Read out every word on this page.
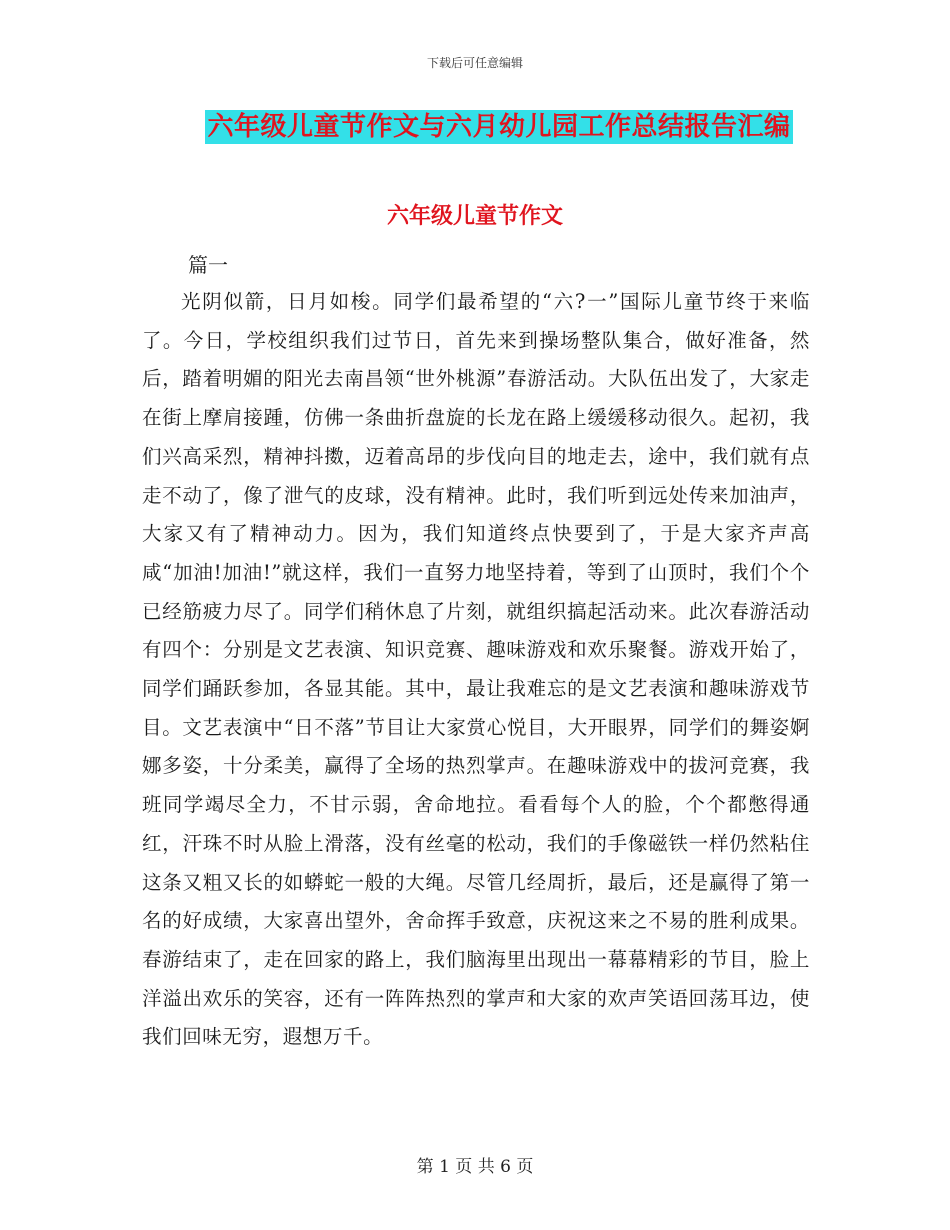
下载后可任意编辑
六年级儿童节作文与六月幼儿园工作总结报告汇编
六年级儿童节作文
篇一

光阴似箭，日月如梭。同学们最希望的“六?一”国际儿童节终于来临了。今日，学校组织我们过节日，首先来到操场整队集合，做好准备，然后，踏着明媚的阳光去南昌领“世外桃源”春游活动。大队伍出发了，大家走在街上摩肩接踵，仿佛一条曲折盘旋的长龙在路上缓缓移动很久。起初，我们兴高采烈，精神抖擞，迈着高昂的步伐向目的地走去，途中，我们就有点走不动了，像了泄气的皮球，没有精神。此时，我们听到远处传来加油声，大家又有了精神动力。因为，我们知道终点快要到了，于是大家齐声高咸“加油!加油!”就这样，我们一直努力地坚持着，等到了山顶时，我们个个已经筋疲力尽了。同学们稍休息了片刻，就组织搞起活动来。此次春游活动有四个：分别是文艺表演、知识竞赛、趣味游戏和欢乐聚餐。游戏开始了，同学们踊跃参加，各显其能。其中，最让我难忘的是文艺表演和趣味游戏节目。文艺表演中“日不落”节目让大家赏心悦目，大开眼界，同学们的舞姿婀娜多姿，十分柔美，赢得了全场的热烈掌声。在趣味游戏中的拔河竞赛，我班同学竭尽全力，不甘示弱，舍命地拉。看看每个人的脸，个个都憋得通红，汗珠不时从脸上滑落，没有丝毫的松动，我们的手像磁铁一样仍然粘住这条又粗又长的如蟒蛇一般的大绳。尽管几经周折，最后，还是赢得了第一名的好成绩，大家喜出望外，舍命挥手致意，庆祝这来之不易的胜利成果。春游结束了，走在回家的路上，我们脑海里出现出一幕幕精彩的节目，脸上洋溢出欢乐的笑容，还有一阵阵热烈的掌声和大家的欢声笑语回荡耳边，使我们回味无穷，遐想万千。

第 1 页 共 6 页
